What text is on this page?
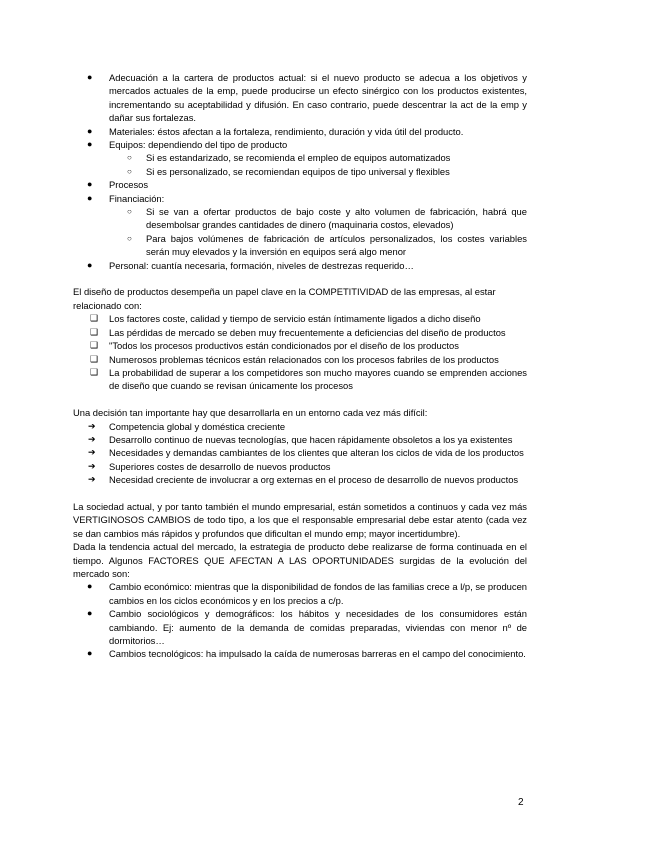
● Adecuación a la cartera de productos actual: si el nuevo producto se adecua a los objetivos y mercados actuales de la emp, puede producirse un efecto sinérgico con los productos existentes, incrementando su aceptabilidad y difusión. En caso contrario, puede descentrar la act de la emp y dañar sus fortalezas.
● Materiales: éstos afectan a la fortaleza, rendimiento, duración y vida útil del producto.
● Equipos: dependiendo del tipo de producto
○ Si es estandarizado, se recomienda el empleo de equipos automatizados
○ Si es personalizado, se recomiendan equipos de tipo universal y flexibles
● Procesos
● Financiación:
○ Si se van a ofertar productos de bajo coste y alto volumen de fabricación, habrá que desembolsar grandes cantidades de dinero (maquinaria costos, elevados)
○ Para bajos volúmenes de fabricación de artículos personalizados, los costes variables serán muy elevados y la inversión en equipos será algo menor
● Personal: cuantía necesaria, formación, niveles de destrezas requerido…

El diseño de productos desempeña un papel clave en la COMPETITIVIDAD de las empresas, al estar relacionado con:

❑ Los factores coste, calidad y tiempo de servicio están íntimamente ligados a dicho diseño
❑ Las pérdidas de mercado se deben muy frecuentemente a deficiencias del diseño de productos
❑ "Todos los procesos productivos están condicionados por el diseño de los productos
❑ Numerosos problemas técnicos están relacionados con los procesos fabriles de los productos
❑ La probabilidad de superar a los competidores son mucho mayores cuando se emprenden acciones de diseño que cuando se revisan únicamente los procesos

Una decisión tan importante hay que desarrollarla en un entorno cada vez más difícil:

➔ Competencia global y doméstica creciente
➔ Desarrollo continuo de nuevas tecnologías, que hacen rápidamente obsoletos a los ya existentes
➔ Necesidades y demandas cambiantes de los clientes que alteran los ciclos de vida de los productos
➔ Superiores costes de desarrollo de nuevos productos
➔ Necesidad creciente de involucrar a org externas en el proceso de desarrollo de nuevos productos

La sociedad actual, y por tanto también el mundo empresarial, están sometidos a continuos y cada vez más VERTIGINOSOS CAMBIOS de todo tipo, a los que el responsable empresarial debe estar atento (cada vez se dan cambios más rápidos y profundos que dificultan el mundo emp; mayor incertidumbre).

Dada la tendencia actual del mercado, la estrategia de producto debe realizarse de forma continuada en el tiempo. Algunos FACTORES QUE AFECTAN A LAS OPORTUNIDADES surgidas de la evolución del mercado son:

● Cambio económico: mientras que la disponibilidad de fondos de las familias crece a l/p, se producen cambios en los ciclos económicos y en los precios a c/p.
● Cambio sociológicos y demográficos: los hábitos y necesidades de los consumidores están cambiando. Ej: aumento de la demanda de comidas preparadas, viviendas con menor nº de dormitorios…
● Cambios tecnológicos: ha impulsado la caída de numerosas barreras en el campo del conocimiento.
2
